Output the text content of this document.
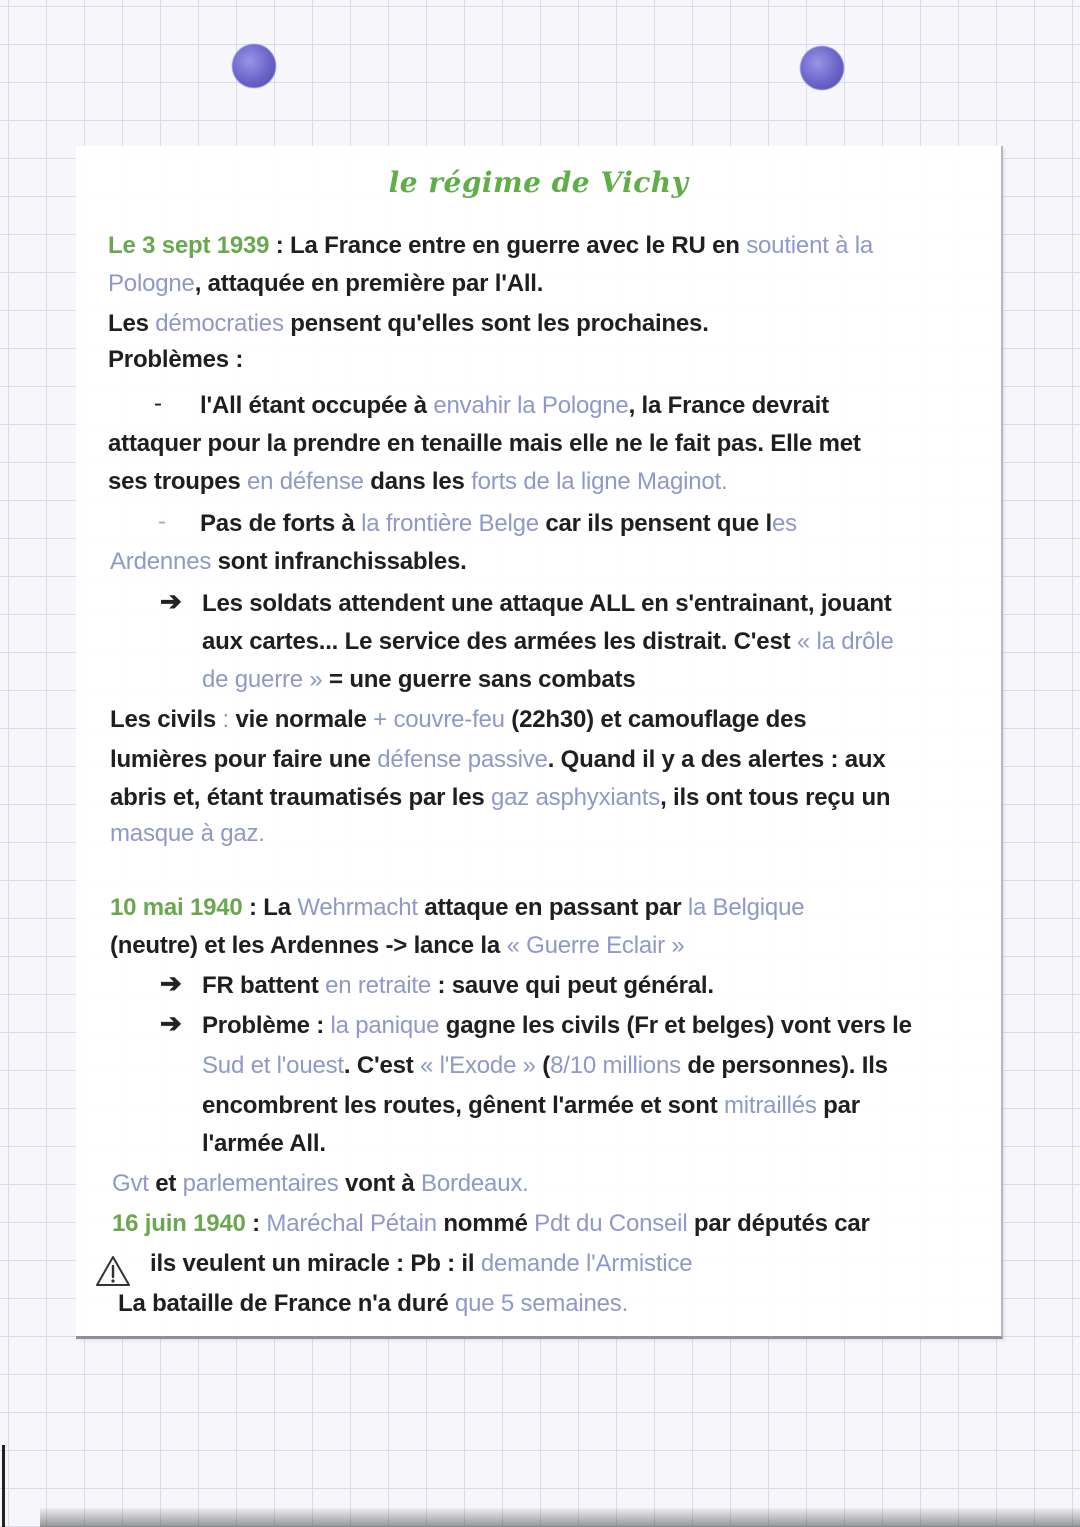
le régime de Vichy
Le 3 sept 1939 : La France entre en guerre avec le RU en soutient à la
Pologne, attaquée en première par l'All.
Les démocraties pensent qu'elles sont les prochaines.
Problèmes :
- l'All étant occupée à envahir la Pologne, la France devrait
attaquer pour la prendre en tenaille mais elle ne le fait pas. Elle met
ses troupes en défense dans les forts de la ligne Maginot.
- Pas de forts à la frontière Belge car ils pensent que les
Ardennes sont infranchissables.
➔ Les soldats attendent une attaque ALL en s'entrainant, jouant
aux cartes... Le service des armées les distrait. C'est « la drôle
de guerre » = une guerre sans combats
Les civils : vie normale + couvre-feu (22h30) et camouflage des
lumières pour faire une défense passive. Quand il y a des alertes : aux
abris et, étant traumatisés par les gaz asphyxiants, ils ont tous reçu un
masque à gaz.
10 mai 1940 : La Wehrmacht attaque en passant par la Belgique
(neutre) et les Ardennes -> lance la « Guerre Eclair »
➔ FR battent en retraite : sauve qui peut général.
➔ Problème : la panique gagne les civils (Fr et belges) vont vers le
Sud et l'ouest. C'est « l'Exode » (8/10 millions de personnes). Ils
encombrent les routes, gênent l'armée et sont mitraillés par
l'armée All.
Gvt et parlementaires vont à Bordeaux.
16 juin 1940 : Maréchal Pétain nommé Pdt du Conseil par députés car
ils veulent un miracle : Pb : il demande l'Armistice
La bataille de France n'a duré que 5 semaines.
